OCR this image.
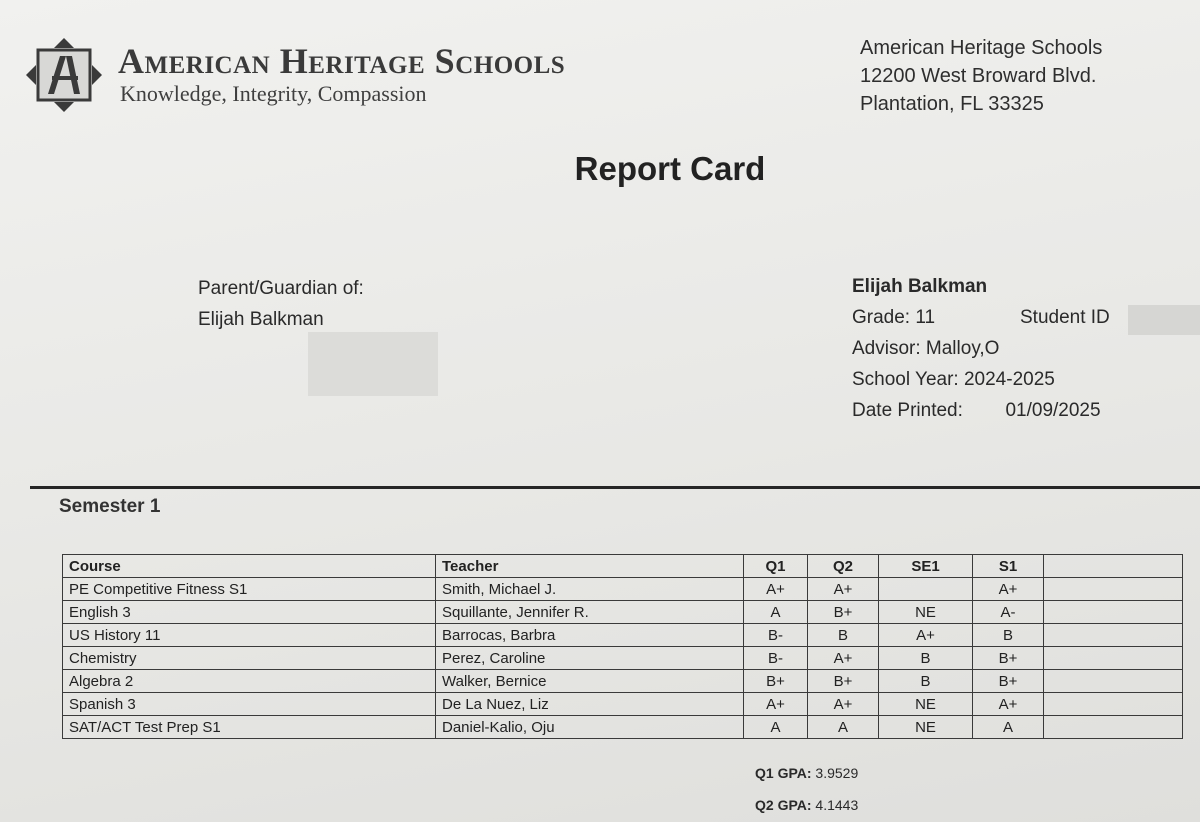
American Heritage Schools
Knowledge, Integrity, Compassion
American Heritage Schools
12200 West Broward Blvd.
Plantation, FL 33325
Report Card
Parent/Guardian of:
Elijah Balkman
Elijah Balkman
Grade: 11	Student ID
Advisor: Malloy,O
School Year: 2024-2025
Date Printed: 01/09/2025
Semester 1
Course	Teacher	Q1	Q2	SE1	S1	
PE Competitive Fitness S1	Smith, Michael J.	A+	A+		A+	
English 3	Squillante, Jennifer R.	A	B+	NE	A-	
US History 11	Barrocas, Barbra	B-	B	A+	B	
Chemistry	Perez, Caroline	B-	A+	B	B+	
Algebra 2	Walker, Bernice	B+	B+	B	B+	
Spanish 3	De La Nuez, Liz	A+	A+	NE	A+	
SAT/ACT Test Prep S1	Daniel-Kalio, Oju	A	A	NE	A	
Q1 GPA: 3.9529
Q2 GPA: 4.1443
